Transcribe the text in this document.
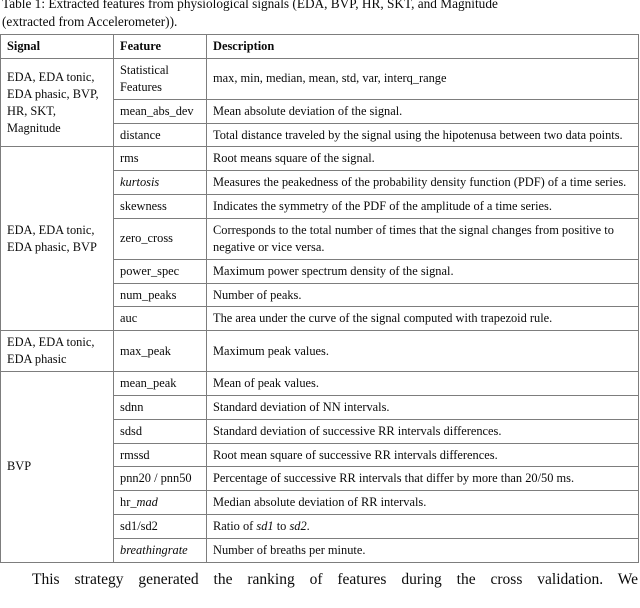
Table 1: Extracted features from physiological signals (EDA, BVP, HR, SKT, and Magnitude
(extracted from Accelerometer)).
Signal	Feature	Description
EDA, EDA tonic, EDA phasic, BVP, HR, SKT, Magnitude	Statistical Features	max, min, median, mean, std, var, interq_range
	mean_abs_dev	Mean absolute deviation of the signal.
	distance	Total distance traveled by the signal using the hipotenusa between two data points.
EDA, EDA tonic, EDA phasic, BVP	rms	Root means square of the signal.
	kurtosis	Measures the peakedness of the probability density function (PDF) of a time series.
	skewness	Indicates the symmetry of the PDF of the amplitude of a time series.
	zero_cross	Corresponds to the total number of times that the signal changes from positive to negative or vice versa.
	power_spec	Maximum power spectrum density of the signal.
	num_peaks	Number of peaks.
	auc	The area under the curve of the signal computed with trapezoid rule.
EDA, EDA tonic, EDA phasic	max_peak	Maximum peak values.
BVP	mean_peak	Mean of peak values.
	sdnn	Standard deviation of NN intervals.
	sdsd	Standard deviation of successive RR intervals differences.
	rmssd	Root mean square of successive RR intervals differences.
	pnn20 / pnn50	Percentage of successive RR intervals that differ by more than 20/50 ms.
	hr_mad	Median absolute deviation of RR intervals.
	sd1/sd2	Ratio of sd1 to sd2.
	breathingrate	Number of breaths per minute.

This strategy generated the ranking of features during the cross validation. We
